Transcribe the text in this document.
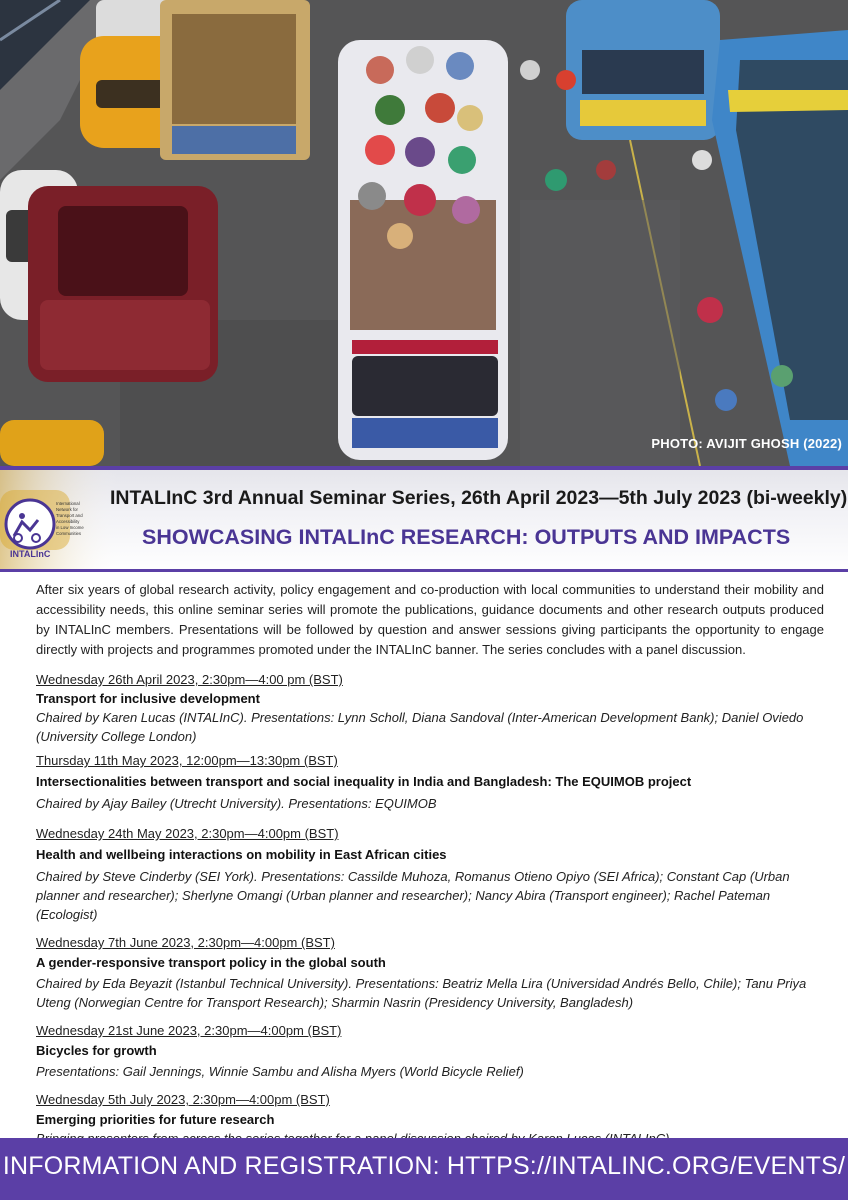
PHOTO: AVIJIT GHOSH (2022)
International
Network for
Transport and
Accessibility
in Low Income
Communities
INTALInC
INTALInC 3rd Annual Seminar Series, 26th April 2023—5th July 2023 (bi-weekly)
SHOWCASING INTALInC RESEARCH: OUTPUTS AND IMPACTS

After six years of global research activity, policy engagement and co-production with local communities to understand their mobility and accessibility needs, this online seminar series will promote the publications, guidance documents and other research outputs produced by INTALInC members. Presentations will be followed by question and answer sessions giving participants the opportunity to engage directly with projects and programmes promoted under the INTALInC banner. The series concludes with a panel discussion.

Wednesday 26th April 2023, 2:30pm—4:00 pm (BST)
Transport for inclusive development
Chaired by Karen Lucas (INTALInC). Presentations: Lynn Scholl, Diana Sandoval (Inter-American Development Bank); Daniel Oviedo (University College London)
Thursday 11th May 2023, 12:00pm—13:30pm (BST)
Intersectionalities between transport and social inequality in India and Bangladesh: The EQUIMOB project
Chaired by Ajay Bailey (Utrecht University). Presentations: EQUIMOB
Wednesday 24th May 2023, 2:30pm—4:00pm (BST)
Health and wellbeing interactions on mobility in East African cities
Chaired by Steve Cinderby (SEI York). Presentations: Cassilde Muhoza, Romanus Otieno Opiyo (SEI Africa); Constant Cap (Urban planner and researcher); Sherlyne Omangi (Urban planner and researcher); Nancy Abira (Transport engineer); Rachel Pateman (Ecologist)
Wednesday 7th June 2023, 2:30pm—4:00pm (BST)
A gender-responsive transport policy in the global south
Chaired by Eda Beyazit (Istanbul Technical University). Presentations: Beatriz Mella Lira (Universidad Andrés Bello, Chile); Tanu Priya Uteng (Norwegian Centre for Transport Research); Sharmin Nasrin (Presidency University, Bangladesh)
Wednesday 21st June 2023, 2:30pm—4:00pm (BST)
Bicycles for growth
Presentations: Gail Jennings, Winnie Sambu and Alisha Myers (World Bicycle Relief)
Wednesday 5th July 2023, 2:30pm—4:00pm (BST)
Emerging priorities for future research
INFORMATION AND REGISTRATION: HTTPS://INTALINC.ORG/EVENTS/
